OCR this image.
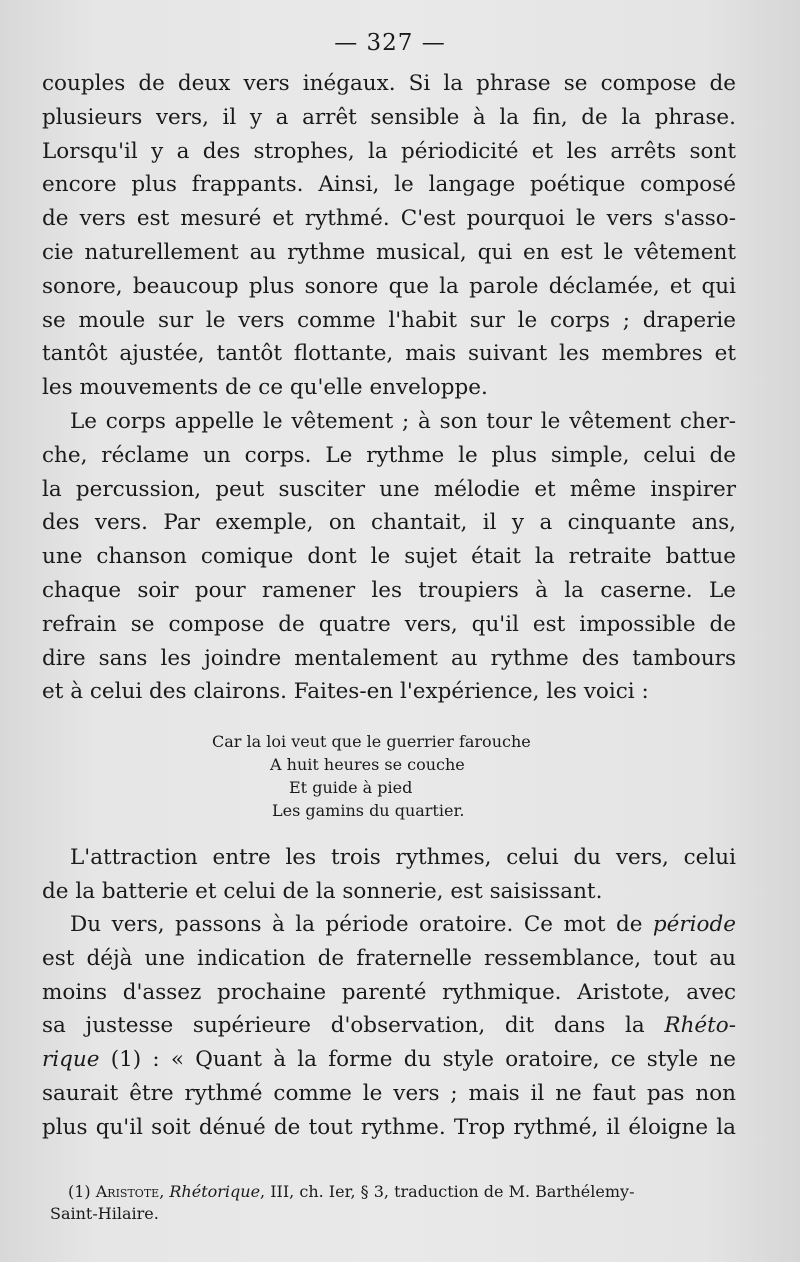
— 327 —
couples de deux vers inégaux. Si la phrase se compose de
plusieurs vers, il y a arrêt sensible à la fin, de la phrase.
Lorsqu'il y a des strophes, la périodicité et les arrêts sont
encore plus frappants. Ainsi, le langage poétique composé
de vers est mesuré et rythmé. C'est pourquoi le vers s'asso-
cie naturellement au rythme musical, qui en est le vêtement
sonore, beaucoup plus sonore que la parole déclamée, et qui
se moule sur le vers comme l'habit sur le corps ; draperie
tantôt ajustée, tantôt flottante, mais suivant les membres et
les mouvements de ce qu'elle enveloppe.
Le corps appelle le vêtement ; à son tour le vêtement cher-
che, réclame un corps. Le rythme le plus simple, celui de
la percussion, peut susciter une mélodie et même inspirer
des vers. Par exemple, on chantait, il y a cinquante ans,
une chanson comique dont le sujet était la retraite battue
chaque soir pour ramener les troupiers à la caserne. Le
refrain se compose de quatre vers, qu'il est impossible de
dire sans les joindre mentalement au rythme des tambours
et à celui des clairons. Faites-en l'expérience, les voici :
Car la loi veut que le guerrier farouche
A huit heures se couche
Et guide à pied
Les gamins du quartier.
L'attraction entre les trois rythmes, celui du vers, celui
de la batterie et celui de la sonnerie, est saisissant.
Du vers, passons à la période oratoire. Ce mot de période
est déjà une indication de fraternelle ressemblance, tout au
moins d'assez prochaine parenté rythmique. Aristote, avec
sa justesse supérieure d'observation, dit dans la Rhéto-
rique (1) : « Quant à la forme du style oratoire, ce style ne
saurait être rythmé comme le vers ; mais il ne faut pas non
plus qu'il soit dénué de tout rythme. Trop rythmé, il éloigne la
(1) Aristote, Rhétorique, III, ch. Ier, § 3, traduction de M. Barthélemy-
Saint-Hilaire.
